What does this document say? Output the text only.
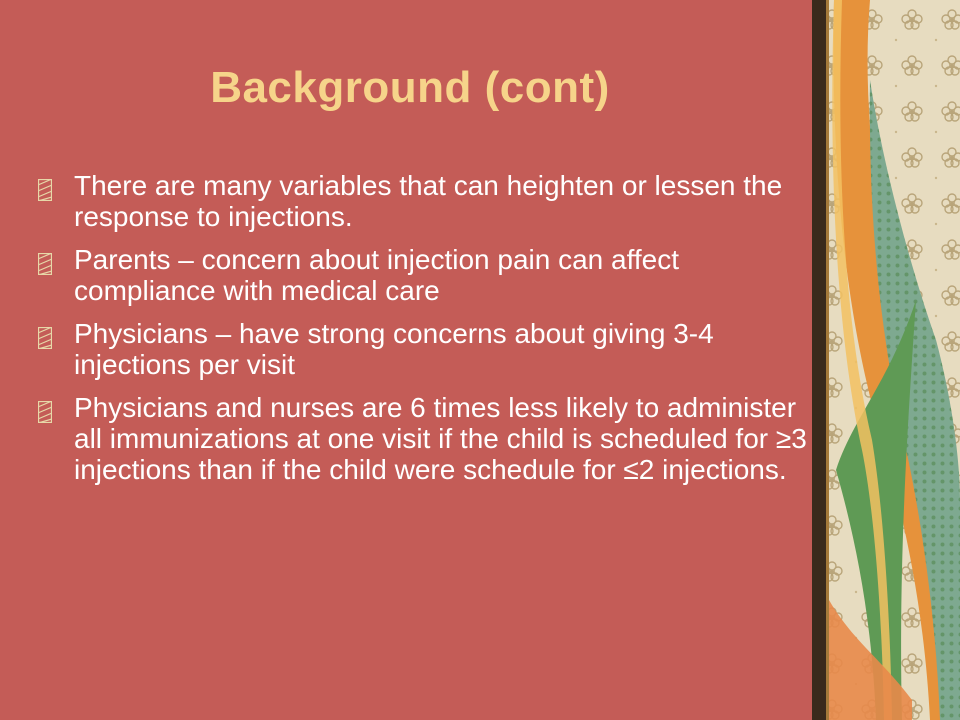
Background (cont)
There are many variables that can heighten or lessen the response to injections.
Parents – concern about injection pain can affect compliance with medical care
Physicians – have strong concerns about giving 3-4 injections per visit
Physicians and nurses are 6 times less likely to administer all immunizations at one visit if the child is scheduled for ≥3 injections than if the child were schedule for ≤2 injections.
